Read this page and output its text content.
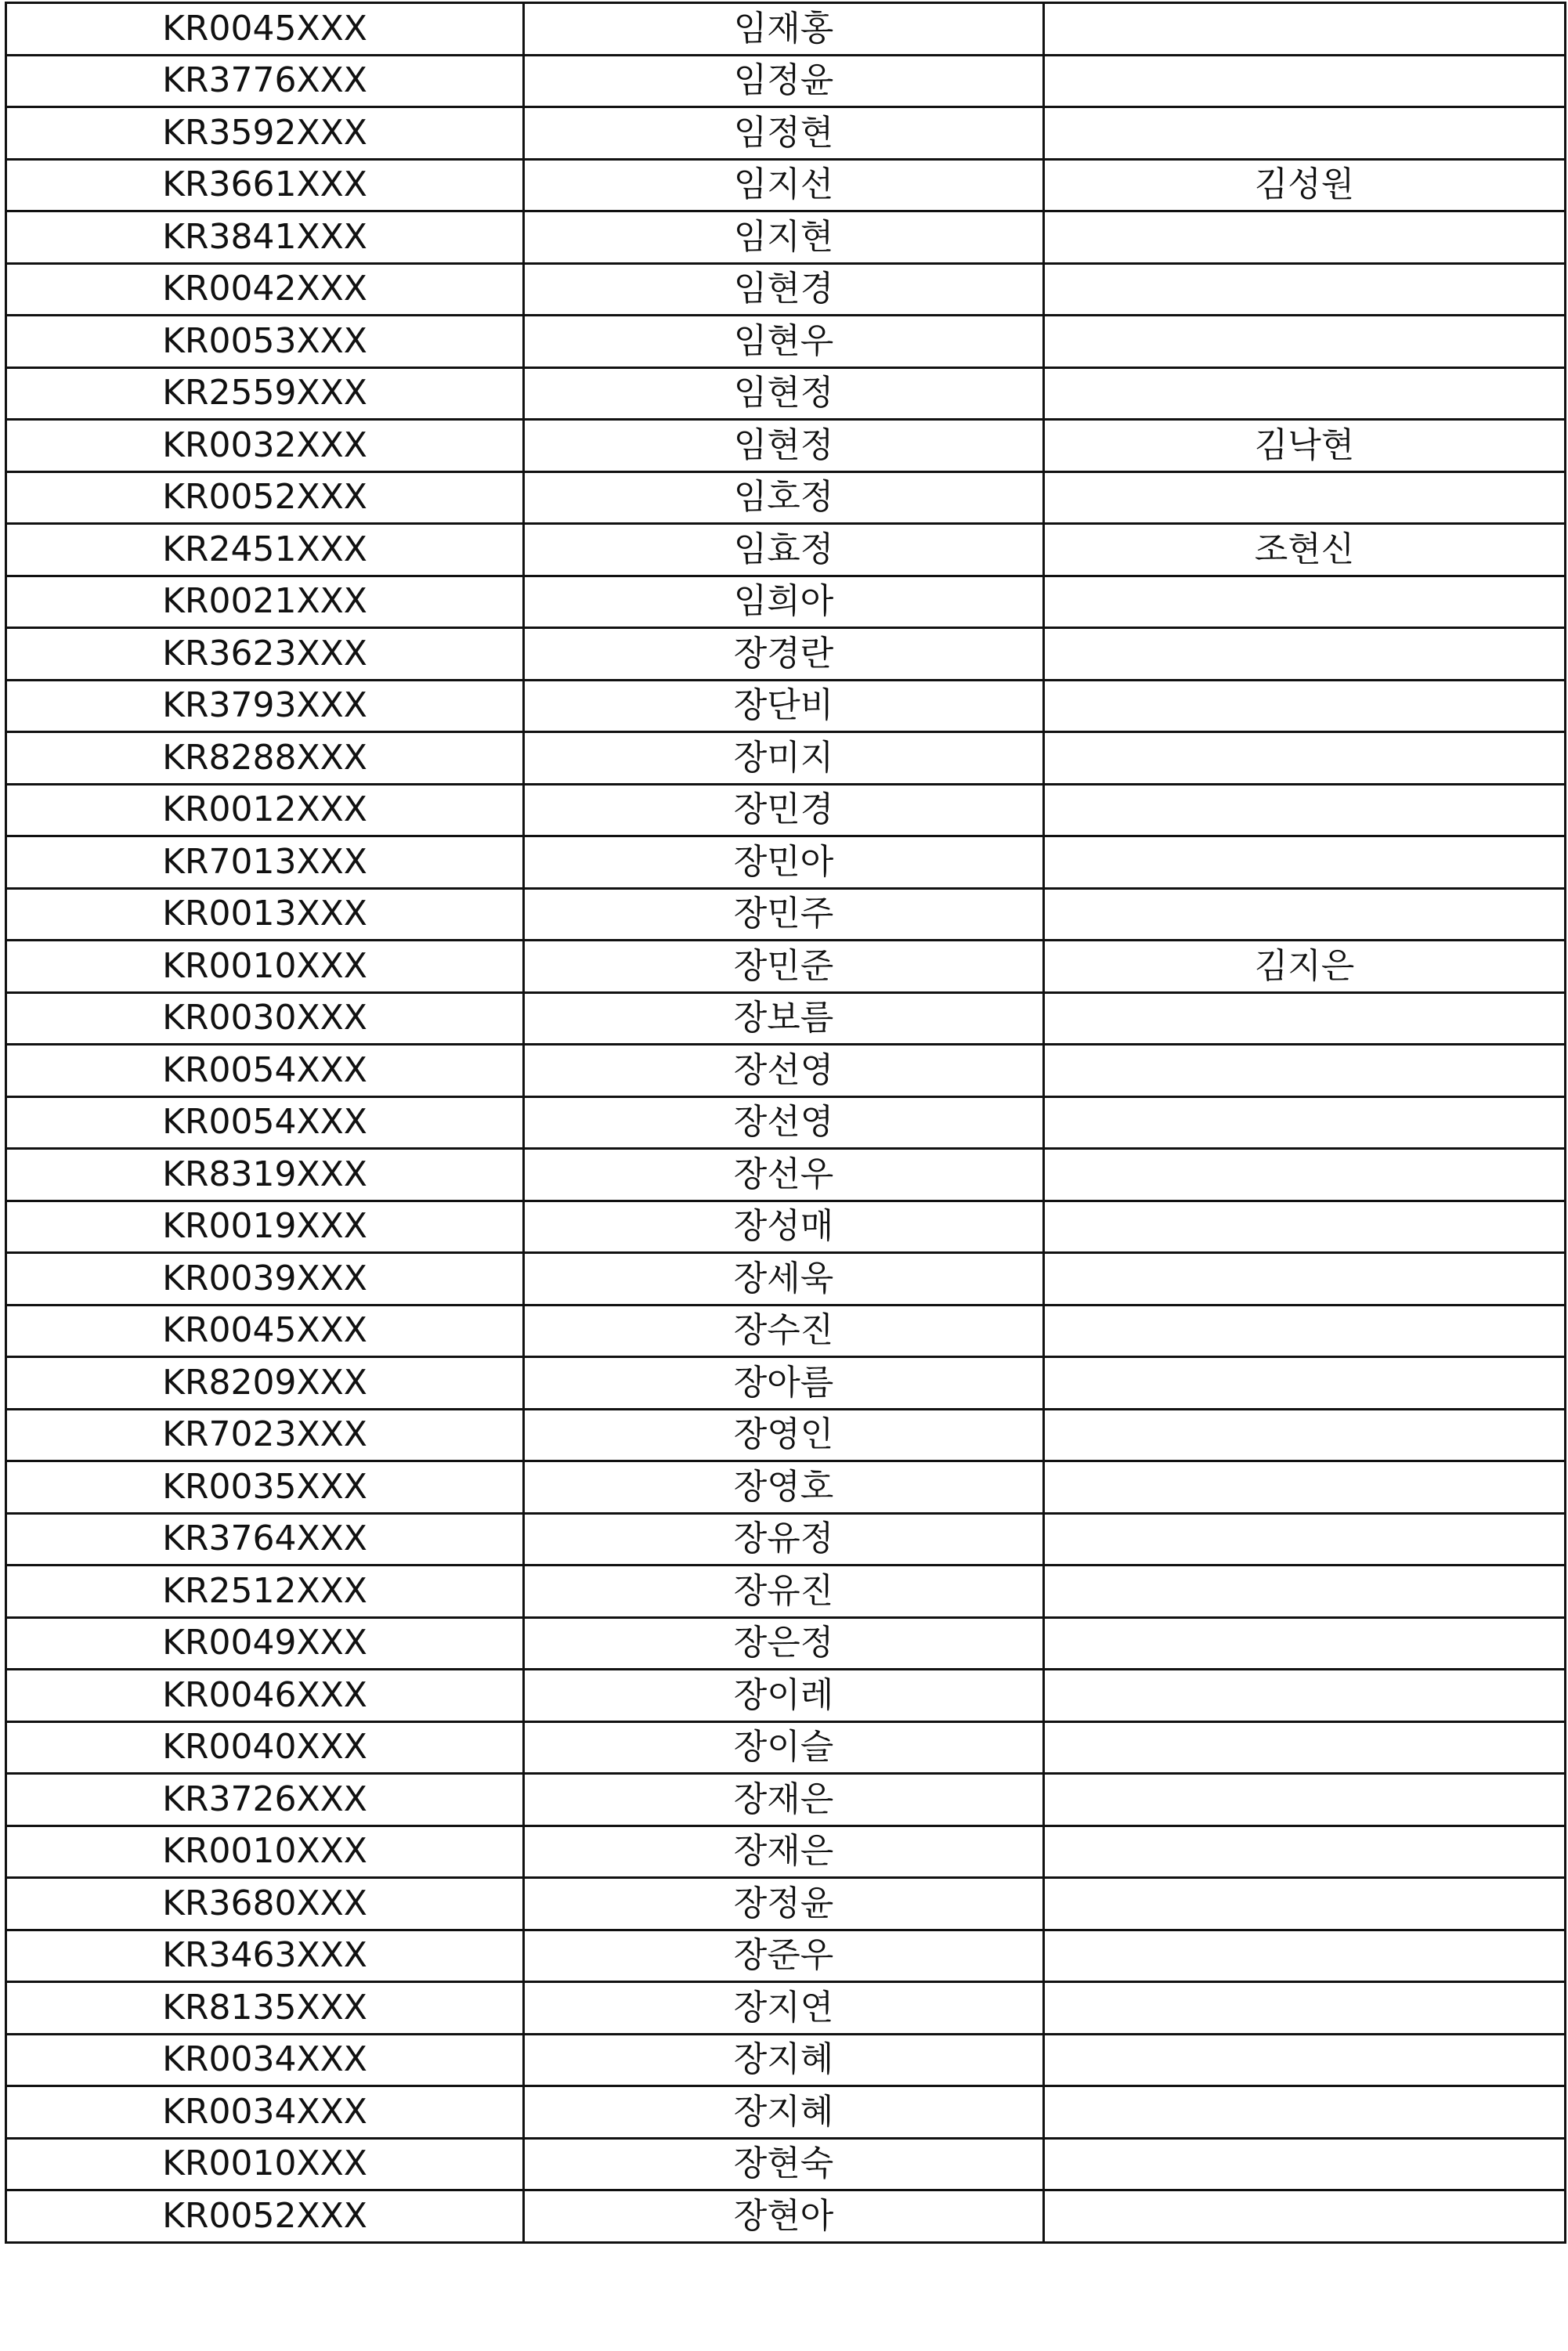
KR0045XXX	임재홍	
KR3776XXX	임정윤	
KR3592XXX	임정현	
KR3661XXX	임지선	김성원
KR3841XXX	임지현	
KR0042XXX	임현경	
KR0053XXX	임현우	
KR2559XXX	임현정	
KR0032XXX	임현정	김낙현
KR0052XXX	임호정	
KR2451XXX	임효정	조현신
KR0021XXX	임희아	
KR3623XXX	장경란	
KR3793XXX	장단비	
KR8288XXX	장미지	
KR0012XXX	장민경	
KR7013XXX	장민아	
KR0013XXX	장민주	
KR0010XXX	장민준	김지은
KR0030XXX	장보름	
KR0054XXX	장선영	
KR0054XXX	장선영	
KR8319XXX	장선우	
KR0019XXX	장성매	
KR0039XXX	장세욱	
KR0045XXX	장수진	
KR8209XXX	장아름	
KR7023XXX	장영인	
KR0035XXX	장영호	
KR3764XXX	장유정	
KR2512XXX	장유진	
KR0049XXX	장은정	
KR0046XXX	장이레	
KR0040XXX	장이슬	
KR3726XXX	장재은	
KR0010XXX	장재은	
KR3680XXX	장정윤	
KR3463XXX	장준우	
KR8135XXX	장지연	
KR0034XXX	장지혜	
KR0034XXX	장지혜	
KR0010XXX	장현숙	
KR0052XXX	장현아	
